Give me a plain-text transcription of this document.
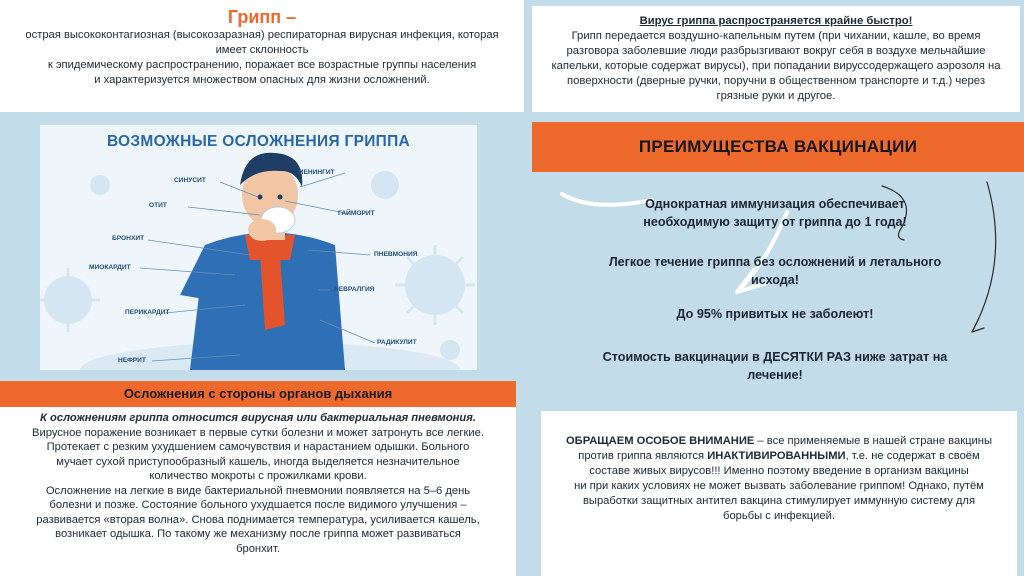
Грипп –
острая высококонтагиозная (высокозаразная) респираторная вирусная инфекция, которая
имеет склонность
к эпидемическому распространению, поражает все возрастные группы населения
и характеризуется множеством опасных для жизни осложнений.
Вирус гриппа распространяется крайне быстро!
Грипп передается воздушно-капельным путем (при чихании, кашле, во время
разговора заболевшие люди разбрызгивают вокруг себя в воздухе мельчайшие
капельки, которые содержат вирусы), при попадании вируссодержащего аэрозоля на
поверхности (дверные ручки, поручни в общественном транспорте и т.д.) через
грязные руки и другое.
ВОЗМОЖНЫЕ ОСЛОЖНЕНИЯ ГРИППА
СИНУСИТ
МЕНИНГИТ
ОТИТ
ГАЙМОРИТ
БРОНХИТ
ПНЕВМОНИЯ
МИОКАРДИТ
НЕВРАЛГИЯ
ПЕРИКАРДИТ
РАДИКУЛИТ
НЕФРИТ
Осложнения с стороны органов дыхания
К осложнениям гриппа относится вирусная или бактериальная пневмония.
Вирусное поражение возникает в первые сутки болезни и может затронуть все легкие.
Протекает с резким ухудшением самочувствия и нарастанием одышки. Больного
мучает сухой приступообразный кашель, иногда выделяется незначительное
количество мокроты с прожилками крови.
Осложнение на легкие в виде бактериальной пневмонии появляется на 5–6 день
болезни и позже. Состояние больного ухудшается после видимого улучшения –
развивается «вторая волна». Снова поднимается температура, усиливается кашель,
возникает одышка. По такому же механизму после гриппа может развиваться
бронхит.
ПРЕИМУЩЕСТВА ВАКЦИНАЦИИ
Однократная иммунизация обеспечивает
необходимую защиту от гриппа до 1 года!
Легкое течение гриппа без осложнений и летального
исхода!
До 95% привитых не заболеют!
Стоимость вакцинации в ДЕСЯТКИ РАЗ ниже затрат на
лечение!
ОБРАЩАЕМ ОСОБОЕ ВНИМАНИЕ – все применяемые в нашей стране вакцины
против гриппа являются ИНАКТИВИРОВАННЫМИ, т.е. не содержат в своём
составе живых вирусов!!! Именно поэтому введение в организм вакцины
ни при каких условиях не может вызвать заболевание гриппом! Однако, путём
выработки защитных антител вакцина стимулирует иммунную систему для
борьбы с инфекцией.
